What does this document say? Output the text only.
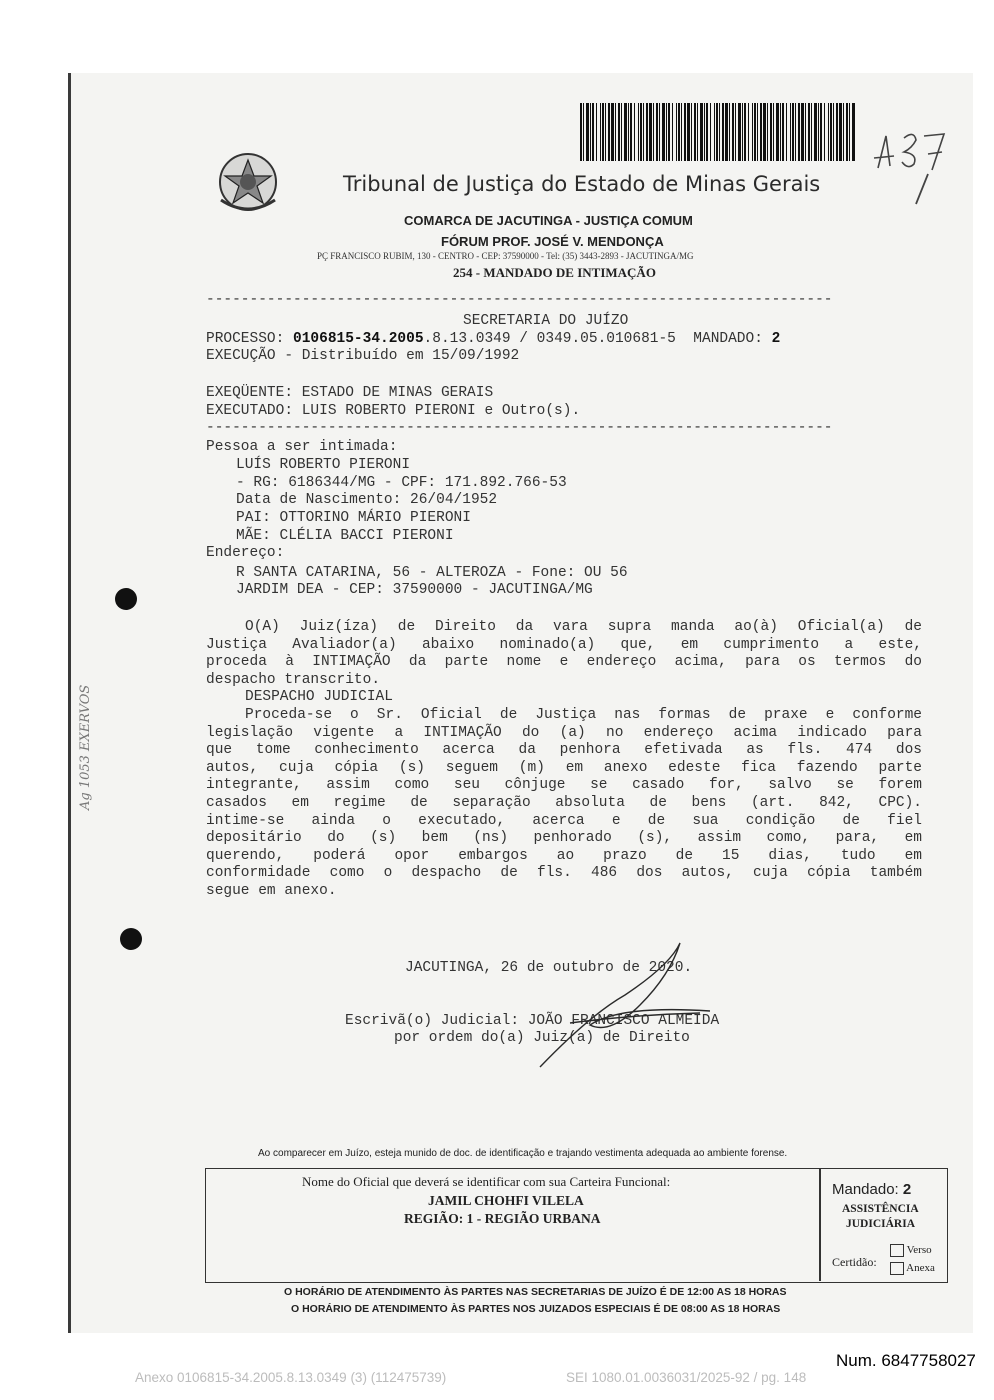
Tribunal de Justiça do Estado de Minas Gerais
COMARCA DE JACUTINGA - JUSTIÇA COMUM
FÓRUM PROF. JOSÉ V. MENDONÇA
PÇ FRANCISCO RUBIM, 130 - CENTRO - CEP: 37590000 - Tel: (35) 3443-2893 - JACUTINGA/MG
254 - MANDADO DE INTIMAÇÃO
------------------------------------------------------------------------
SECRETARIA DO JUÍZO
PROCESSO: 0106815-34.2005.8.13.0349 / 0349.05.010681-5  MANDADO: 2
EXECUÇÃO - Distribuído em 15/09/1992
EXEQÜENTE: ESTADO DE MINAS GERAIS
EXECUTADO: LUIS ROBERTO PIERONI e Outro(s).
------------------------------------------------------------------------
Pessoa a ser intimada:
LUÍS ROBERTO PIERONI
- RG: 6186344/MG - CPF: 171.892.766-53
Data de Nascimento: 26/04/1952
PAI: OTTORINO MÁRIO PIERONI
MÃE: CLÉLIA BACCI PIERONI
Endereço:
R SANTA CATARINA, 56 - ALTEROZA - Fone: OU 56
JARDIM DEA - CEP: 37590000 - JACUTINGA/MG
O(A) Juiz(íza) de Direito da vara supra manda ao(à) Oficial(a) de
Justiça Avaliador(a) abaixo nominado(a) que, em cumprimento a este,
proceda à INTIMAÇÃO da parte nome e endereço acima, para os termos do
despacho transcrito.
DESPACHO JUDICIAL
Proceda-se o Sr. Oficial de Justiça nas formas de praxe e conforme
legislação vigente a INTIMAÇÃO do (a) no endereço acima indicado para
que tome conhecimento acerca da penhora efetivada as fls. 474 dos
autos, cuja cópia (s) seguem (m) em anexo edeste fica fazendo parte
integrante, assim como seu cônjuge se casado for, salvo se forem
casados em regime de separação absoluta de bens (art. 842, CPC).
intime-se ainda o executado, acerca e de sua condição de fiel
depositário do (s) bem (ns) penhorado (s), assim como, para, em
querendo, poderá opor embargos ao prazo de 15 dias, tudo em
conformidade como o despacho de fls. 486 dos autos, cuja cópia também
segue em anexo.
JACUTINGA, 26 de outubro de 2020.
Escrivã(o) Judicial: JOÃO FRANCISCO ALMEIDA
por ordem do(a) Juiz(a) de Direito
Ao comparecer em Juízo, esteja munido de doc. de identificação e trajando vestimenta adequada ao ambiente forense.
Nome do Oficial que deverá se identificar com sua Carteira Funcional:
JAMIL CHOHFI VILELA
REGIÃO: 1 - REGIÃO URBANA
Mandado: 2
ASSISTÊNCIA
JUDICIÁRIA
Certidão:
Verso
Anexa
O HORÁRIO DE ATENDIMENTO ÀS PARTES NAS SECRETARIAS DE JUÍZO É DE 12:00 AS 18 HORAS
O HORÁRIO DE ATENDIMENTO ÀS PARTES NOS JUIZADOS ESPECIAIS É DE 08:00 AS 18 HORAS
Ag 1053 EXERVOS
Num. 6847758027
Anexo 0106815-34.2005.8.13.0349 (3) (112475739)	SEI 1080.01.0036031/2025-92 / pg. 148
